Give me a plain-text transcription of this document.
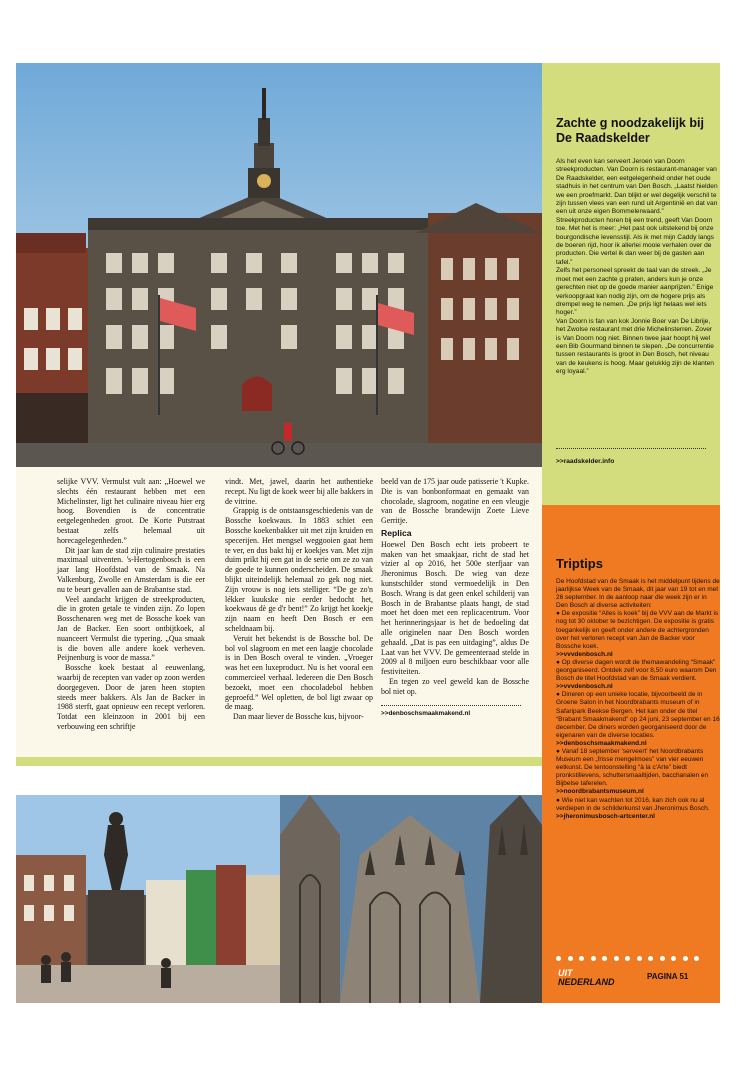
Zachte g noodzakelijk bij De Raadskelder

Als het even kan serveert Jeroen van Doorn streekproducten. Van Doorn is restaurant-manager van De Raadskelder, een eetgelegenheid onder het oude stadhuis in het centrum van Den Bosch. „Laatst hielden we een proefmarkt. Dan blijkt er wel degelijk verschil te zijn tussen vlees van een rund uit Argentinië en dat van een uit onze eigen Bommelerwaard.”

Streekproducten horen bij een trend, geeft Van Doorn toe. Met het is meer: „Het past ook uitstekend bij onze bourgondische levensstijl. Als ik met mijn Caddy langs de boeren rijd, hoor ik allerlei mooie verhalen over de producten. Die vertel ik dan weer bij de gasten aan tafel.”

Zelfs het personeel spreekt de taal van de streek. „Je moet met een zachte g praten, anders kun je onze gerechten niet op de goede manier aanprijzen.” Enige verkoopgraat kan nodig zijn, om de hogere prijs als drempel weg te nemen. „De prijs ligt helaas wel iets hoger.”

Van Doorn is fan van kok Jonnie Boer van De Librije, het Zwolse restaurant met drie Michelinsterren. Zover is Van Doorn nog niet. Binnen twee jaar hoopt hij wel een Bib Gourmand binnen te slepen. „De concurrentie tussen restaurants is groot in Den Bosch, het niveau van de keukens is hoog. Maar gelukkig zijn de klanten erg loyaal.”

>>raadskelder.info

selijke VVV. Vermulst vult aan: „Hoewel we slechts één restaurant hebben met een Michelinster, ligt het culinaire niveau hier erg hoog. Bovendien is de concentratie eetgelegenheden groot. De Korte Putstraat bestaat zelfs helemaal uit horecagelegenheden.”

Dit jaar kan de stad zijn culinaire prestaties maximaal uitventen. 's-Hertogenbosch is een jaar lang Hoofdstad van de Smaak. Na Valkenburg, Zwolle en Amsterdam is die eer nu te beurt gevallen aan de Brabantse stad.

Veel aandacht krijgen de streekproducten, die in groten getale te vinden zijn. Zo lopen Bosschenaren weg met de Bossche koek van Jan de Backer. Een soort ontbijtkoek, al nuanceert Vermulst die typering. „Qua smaak is die boven alle andere koek verheven. Peijnenburg is voor de massa.”

Bossche koek bestaat al eeuwenlang, waarbij de recepten van vader op zoon werden doorgegeven. Door de jaren heen stopten steeds meer bakkers. Als Jan de Backer in 1988 sterft, gaat opnieuw een recept verloren. Totdat een kleinzoon in 2001 bij een verbouwing een schriftje

vindt. Met, jawel, daarin het authentieke recept. Nu ligt de koek weer bij alle bakkers in de vitrine.

Grappig is de ontstaansgeschiedenis van de Bossche koekwaus. In 1883 schiet een Bossche koekenbakker uit met zijn kruiden en specerijen. Het mengsel weggooien gaat hem te ver, en dus bakt hij er koekjes van. Met zijn duim prikt hij een gat in de serie om ze zo van de goede te kunnen onderscheiden. De smaak blijkt uiteindelijk helemaal zo gek nog niet. Zijn vrouw is nog iets stelliger. “De ge zo'n lékker kuukske nie eerder bedocht het, koekwaus dè ge d'r bent!” Zo krijgt het koekje zijn naam en heeft Den Bosch er een scheldnaam bij.

Veruit het bekendst is de Bossche bol. De bol vol slagroom en met een laagje chocolade is in Den Bosch overal te vinden. „Vroeger was het een luxeproduct. Nu is het vooral een commercieel verhaal. Iedereen die Den Bosch bezoekt, moet een chocoladebol hebben geproefd.” Wel opletten, de bol ligt zwaar op de maag.

Dan maar liever de Bossche kus, bijvoor-

beeld van de 175 jaar oude patisserie 't Kupke. Die is van bonbonformaat en gemaakt van chocolade, slagroom, nogatine en een vleugje van de Bossche brandewijn Zoete Lieve Gerritje.

Replica

Hoewel Den Bosch echt iets probeert te maken van het smaakjaar, richt de stad het vizier al op 2016, het 500e sterfjaar van Jheronimus Bosch. De wieg van deze kunstschilder stond vermoedelijk in Den Bosch. Wrang is dat geen enkel schilderij van Bosch in de Brabantse plaats hangt, de stad moet het doen met een replicacentrum. Voor het herinneringsjaar is het de bedoeling dat alle originelen naar Den Bosch worden gehaald. „Dat is pas een uitdaging”, aldus De Laat van het VVV. De gemeenteraad stelde in 2009 al 8 miljoen euro beschikbaar voor alle festiviteiten.

En tegen zo veel geweld kan de Bossche bol niet op.

>>denboschsmaakmakend.nl

Triptips

De Hoofdstad van de Smaak is het middelpunt tijdens de jaarlijkse Week van de Smaak, dit jaar van 19 tot en met 26 september. In de aanloop naar die week zijn er in Den Bosch al diverse activiteiten:

● De expositie “Alles is koek” bij de VVV aan de Markt is nog tot 30 oktober te bezichtigen. De expositie is gratis toegankelijk en geeft onder andere de achtergronden over het verloren recept van Jan de Backer voor Bossche koek.

>>vvvdenbosch.nl

● Op diverse dagen wordt de themawandeling “Smaak” georganiseerd. Ontdek zelf voor 8,50 euro waarom Den Bosch de titel Hoofdstad van de Smaak verdient.

>>vvvdenbosch.nl

● Dineren op een unieke locatie, bijvoorbeeld de in Groene Salon in het Noordbrabants museum of in Safaripark Beekse Bergen. Het kan onder de titel “Brabant Smaakmakend” op 24 juni, 23 september en 16 december. De diners worden georganiseerd door de eigenaren van de diverse locaties.

>>denboschsmaakmakend.nl

● Vanaf 18 september 'serveert' het Noordbrabants Museum een „frisse mengelmoes” van vier eeuwen eetkunst. De tentoonstelling “à la c'Arte” biedt pronkstillevens, schuttersmaaltijden, bacchanalen en Bijbelse taferelen.

>>noordbrabantsmuseum.nl

● Wie niet kan wachten tot 2016, kan zich ook nu al verdiepen in de schilderkunst van Jheronimus Bosch.

>>jheronimusbosch-artcenter.nl

UIT
NEDERLAND
PAGINA 51
